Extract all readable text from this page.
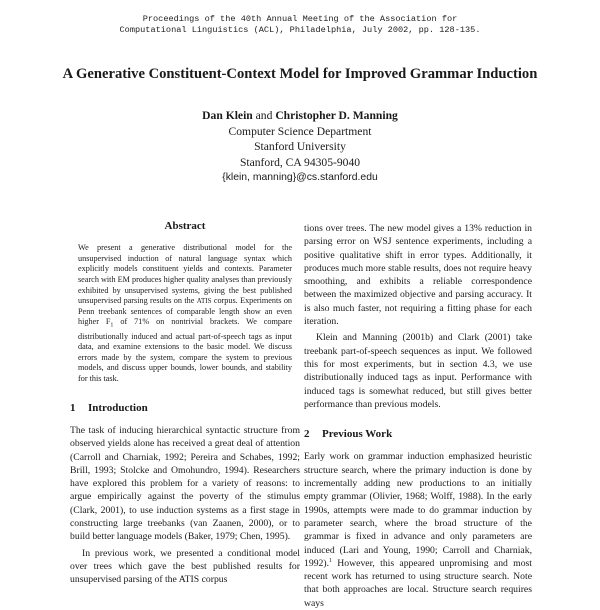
Proceedings of the 40th Annual Meeting of the Association for
Computational Linguistics (ACL), Philadelphia, July 2002, pp. 128-135.
A Generative Constituent-Context Model for Improved Grammar Induction
Dan Klein and Christopher D. Manning
Computer Science Department
Stanford University
Stanford, CA 94305-9040
{klein, manning}@cs.stanford.edu
Abstract

We present a generative distributional model for the unsupervised induction of natural language syntax which explicitly models constituent yields and contexts. Parameter search with EM produces higher quality analyses than previously exhibited by unsupervised systems, giving the best published unsupervised parsing results on the ATIS corpus. Experiments on Penn treebank sentences of comparable length show an even higher $F_1$ of 71% on nontrivial brackets. We compare distributionally induced and actual part-of-speech tags as input data, and examine extensions to the basic model. We discuss errors made by the system, compare the system to previous models, and discuss upper bounds, lower bounds, and stability for this task.

1 Introduction

The task of inducing hierarchical syntactic structure from observed yields alone has received a great deal of attention (Carroll and Charniak, 1992; Pereira and Schabes, 1992; Brill, 1993; Stolcke and Omohundro, 1994). Researchers have explored this problem for a variety of reasons: to argue empirically against the poverty of the stimulus (Clark, 2001), to use induction systems as a first stage in constructing large treebanks (van Zaanen, 2000), or to build better language models (Baker, 1979; Chen, 1995).

In previous work, we presented a conditional model over trees which gave the best published results for unsupervised parsing of the ATIS corpus

tions over trees. The new model gives a 13% reduction in parsing error on WSJ sentence experiments, including a positive qualitative shift in error types. Additionally, it produces much more stable results, does not require heavy smoothing, and exhibits a reliable correspondence between the maximized objective and parsing accuracy. It is also much faster, not requiring a fitting phase for each iteration.

Klein and Manning (2001b) and Clark (2001) take treebank part-of-speech sequences as input. We followed this for most experiments, but in section 4.3, we use distributionally induced tags as input. Performance with induced tags is somewhat reduced, but still gives better performance than previous models.

2 Previous Work

Early work on grammar induction emphasized heuristic structure search, where the primary induction is done by incrementally adding new productions to an initially empty grammar (Olivier, 1968; Wolff, 1988). In the early 1990s, attempts were made to do grammar induction by parameter search, where the broad structure of the grammar is fixed in advance and only parameters are induced (Lari and Young, 1990; Carroll and Charniak, 1992).$^1$ However, this appeared unpromising and most recent work has returned to using structure search. Note that both approaches are local. Structure search requires ways
